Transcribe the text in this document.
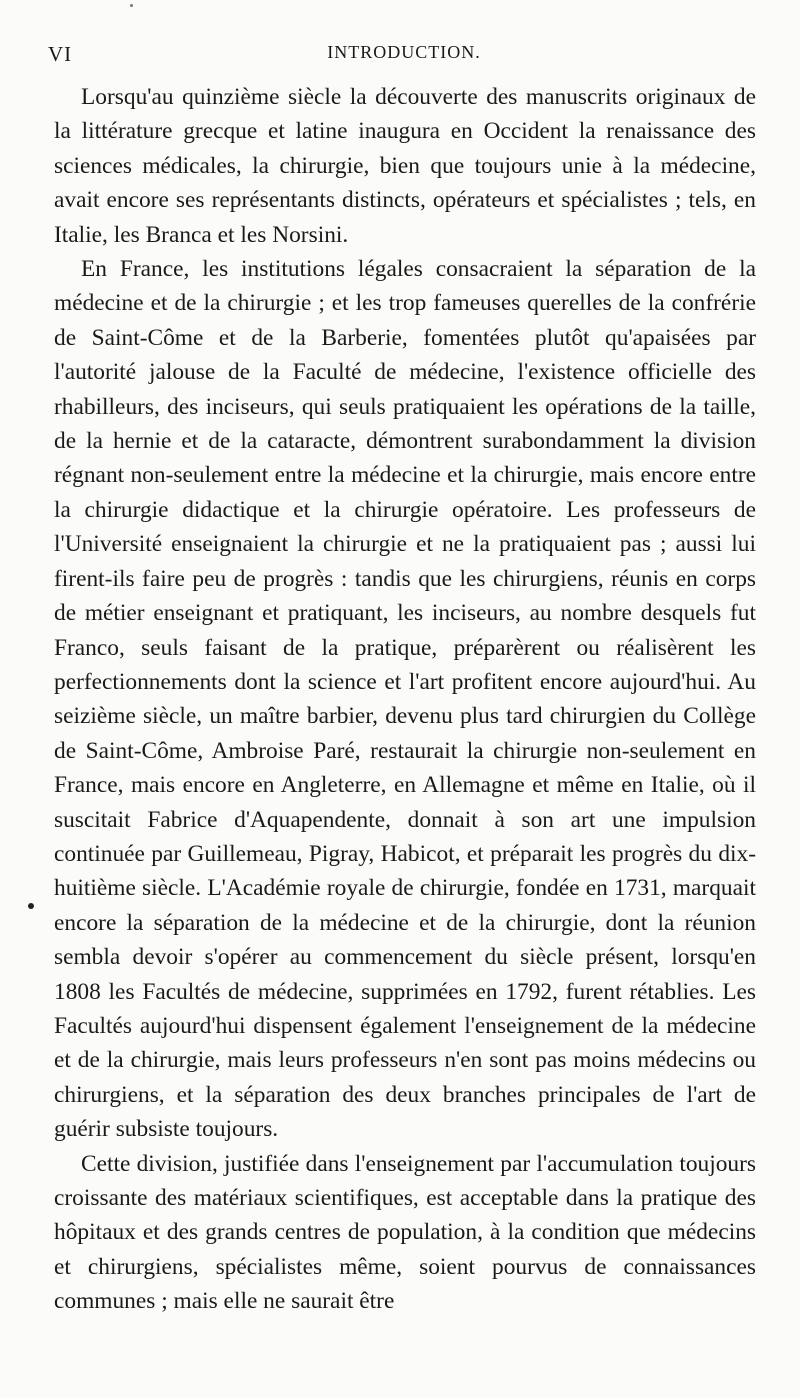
VI	INTRODUCTION.

Lorsqu'au quinzième siècle la découverte des manuscrits originaux de la littérature grecque et latine inaugura en Occident la renaissance des sciences médicales, la chirurgie, bien que toujours unie à la médecine, avait encore ses représentants distincts, opérateurs et spécialistes ; tels, en Italie, les Branca et les Norsini.

En France, les institutions légales consacraient la séparation de la médecine et de la chirurgie ; et les trop fameuses querelles de la confrérie de Saint-Côme et de la Barberie, fomentées plutôt qu'apaisées par l'autorité jalouse de la Faculté de médecine, l'existence officielle des rhabilleurs, des inciseurs, qui seuls pratiquaient les opérations de la taille, de la hernie et de la cataracte, démontrent surabondamment la division régnant non-seulement entre la médecine et la chirurgie, mais encore entre la chirurgie didactique et la chirurgie opératoire. Les professeurs de l'Université enseignaient la chirurgie et ne la pratiquaient pas ; aussi lui firent-ils faire peu de progrès : tandis que les chirurgiens, réunis en corps de métier enseignant et pratiquant, les inciseurs, au nombre desquels fut Franco, seuls faisant de la pratique, préparèrent ou réalisèrent les perfectionnements dont la science et l'art profitent encore aujourd'hui. Au seizième siècle, un maître barbier, devenu plus tard chirurgien du Collège de Saint-Côme, Ambroise Paré, restaurait la chirurgie non-seulement en France, mais encore en Angleterre, en Allemagne et même en Italie, où il suscitait Fabrice d'Aquapendente, donnait à son art une impulsion continuée par Guillemeau, Pigray, Habicot, et préparait les progrès du dix-huitième siècle. L'Académie royale de chirurgie, fondée en 1731, marquait encore la séparation de la médecine et de la chirurgie, dont la réunion sembla devoir s'opérer au commencement du siècle présent, lorsqu'en 1808 les Facultés de médecine, supprimées en 1792, furent rétablies. Les Facultés aujourd'hui dispensent également l'enseignement de la médecine et de la chirurgie, mais leurs professeurs n'en sont pas moins médecins ou chirurgiens, et la séparation des deux branches principales de l'art de guérir subsiste toujours.

Cette division, justifiée dans l'enseignement par l'accumulation toujours croissante des matériaux scientifiques, est acceptable dans la pratique des hôpitaux et des grands centres de population, à la condition que médecins et chirurgiens, spécialistes même, soient pourvus de connaissances communes ; mais elle ne saurait être
